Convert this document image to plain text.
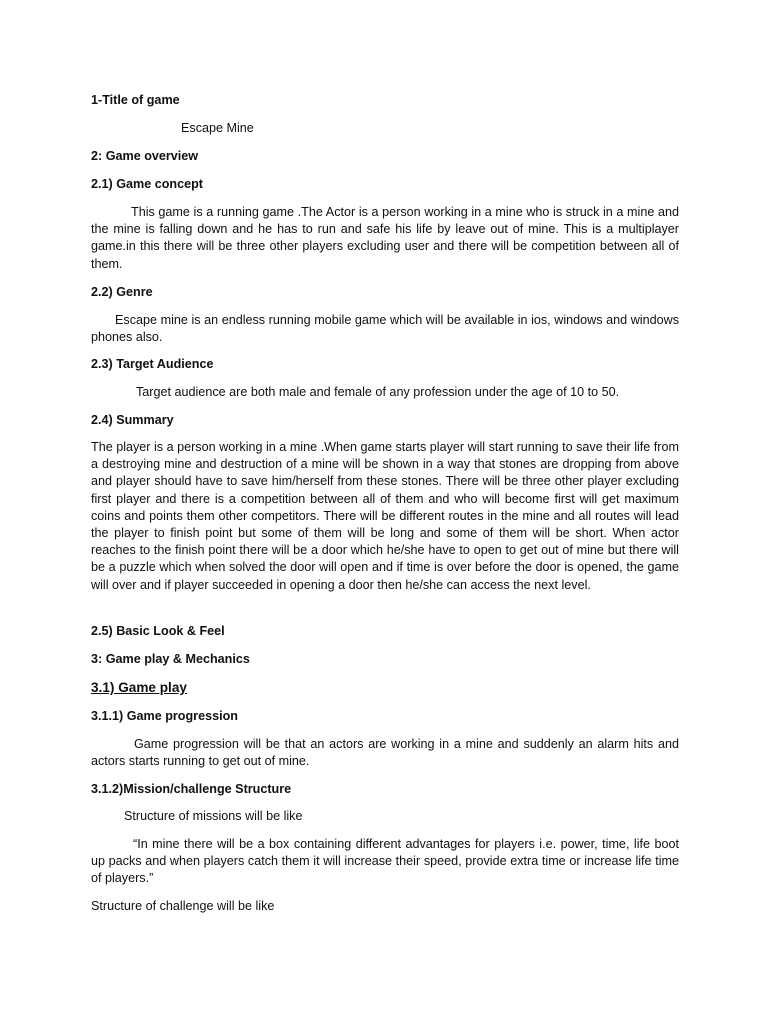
1-Title of game

Escape Mine

2: Game overview

2.1) Game concept

This game is a running game .The Actor is a person working in a mine who is struck in a mine and the mine is falling down and he has to run and safe his life by leave out of mine. This is a multiplayer game.in this there will be three other players excluding user and there will be competition between all of them.

2.2) Genre

Escape mine is an endless running mobile game which will be available in ios, windows and windows phones also.

2.3) Target Audience

Target audience are both male and female of any profession under the age of 10 to 50.

2.4) Summary

The player is a person working in a mine .When game starts player will start running to save their life from a destroying mine and destruction of a mine will be shown in a way that stones are dropping from above and player should have to save him/herself from these stones. There will be three other player excluding first player and there is a competition between all of them and who will become first will get maximum coins and points them other competitors. There will be different routes in the mine and all routes will lead the player to finish point but some of them will be long and some of them will be short. When actor reaches to the finish point there will be a door which he/she have to open to get out of mine but there will be a puzzle which when solved the door will open and if time is over before the door is opened, the game will over and if player succeeded in opening a door then he/she can access the next level.

2.5) Basic Look & Feel

3: Game play & Mechanics

3.1) Game play

3.1.1) Game progression

Game progression will be that an actors are working in a mine and suddenly an alarm hits and actors starts running to get out of mine.

3.1.2)Mission/challenge Structure

Structure of missions will be like

“In mine there will be a box containing different advantages for players i.e. power, time, life boot up packs and when players catch them it will increase their speed, provide extra time or increase life time of players.”

Structure of challenge will be like
